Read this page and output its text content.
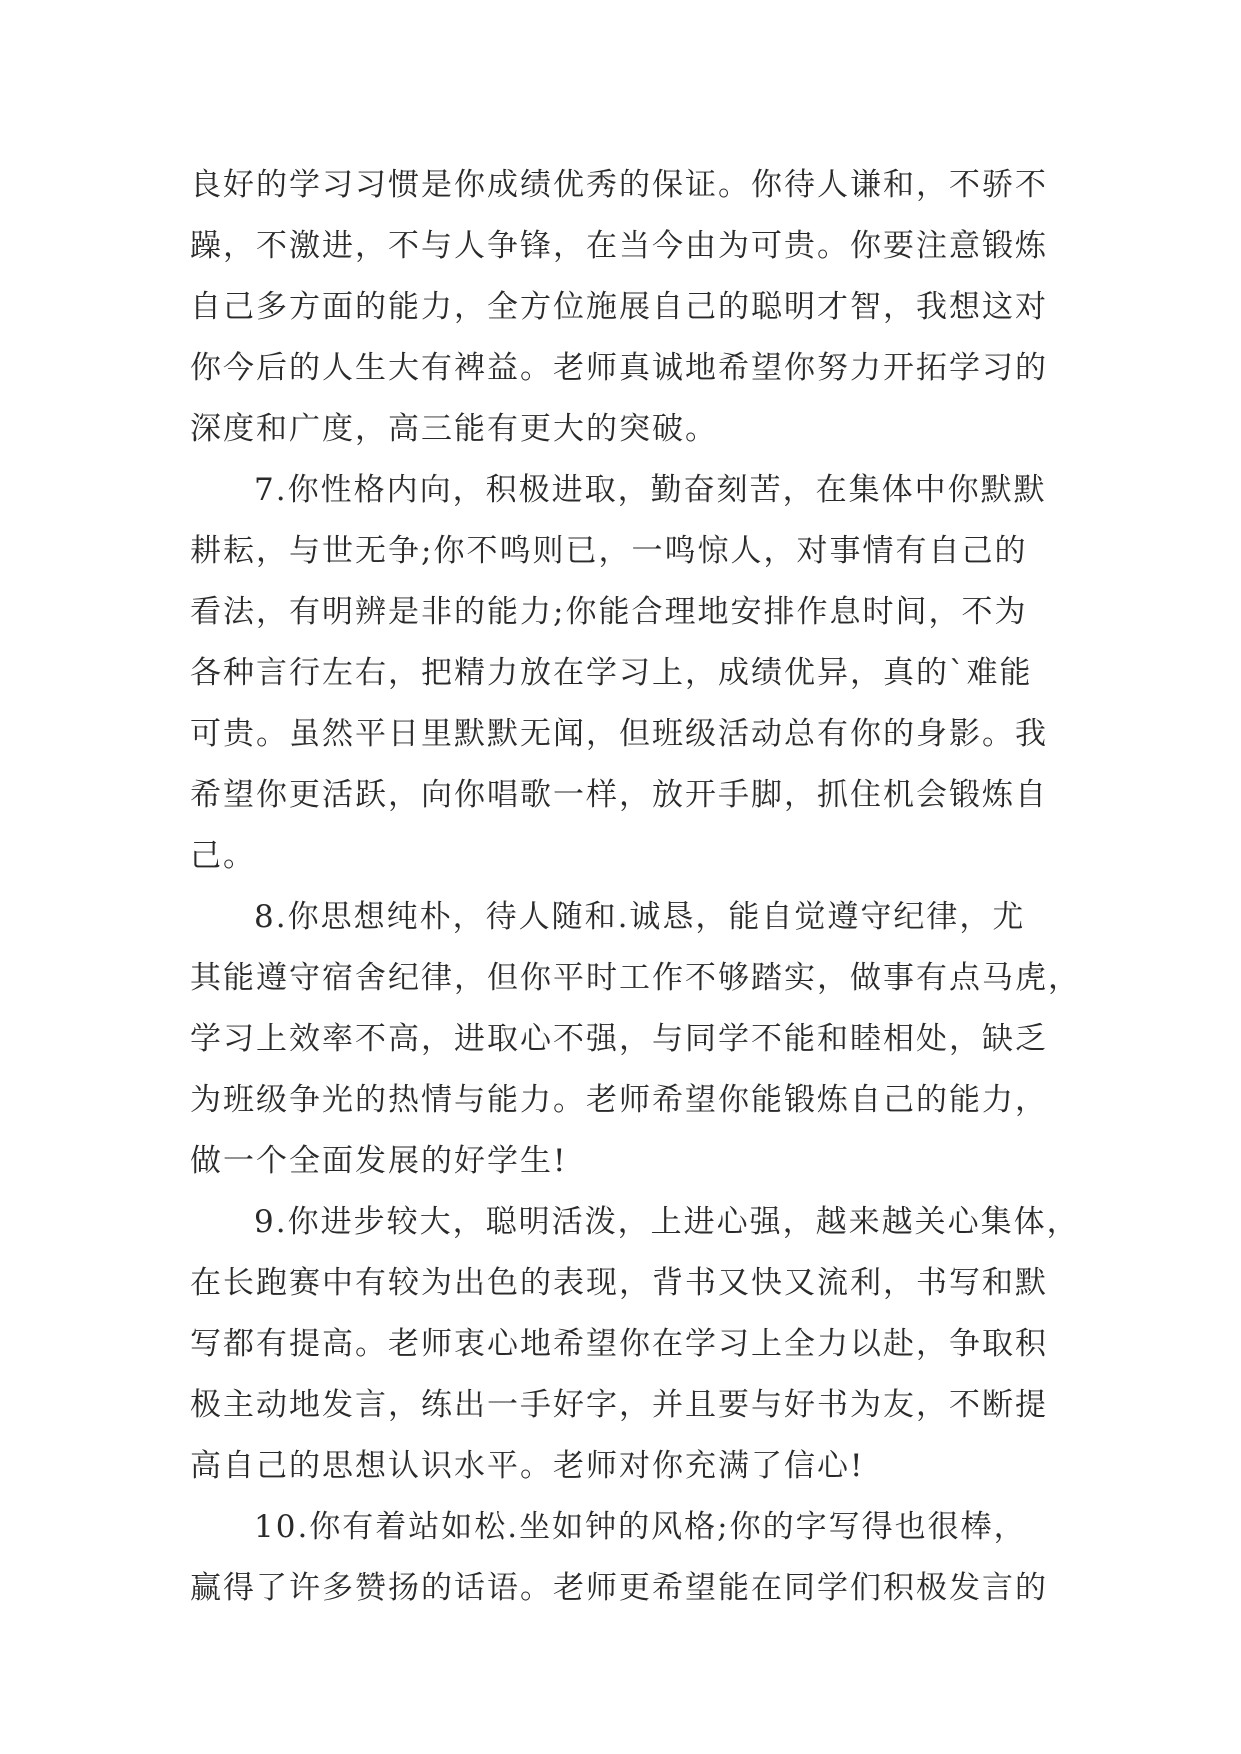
良好的学习习惯是你成绩优秀的保证。你待人谦和，不骄不
躁，不激进，不与人争锋，在当今由为可贵。你要注意锻炼
自己多方面的能力，全方位施展自己的聪明才智，我想这对
你今后的人生大有裨益。老师真诚地希望你努力开拓学习的
深度和广度，高三能有更大的突破。
7.你性格内向，积极进取，勤奋刻苦，在集体中你默默
耕耘，与世无争;你不鸣则已，一鸣惊人，对事情有自己的
看法，有明辨是非的能力;你能合理地安排作息时间，不为
各种言行左右，把精力放在学习上，成绩优异，真的`难能
可贵。虽然平日里默默无闻，但班级活动总有你的身影。我
希望你更活跃，向你唱歌一样，放开手脚，抓住机会锻炼自
己。
8.你思想纯朴，待人随和.诚恳，能自觉遵守纪律，尤
其能遵守宿舍纪律，但你平时工作不够踏实，做事有点马虎，
学习上效率不高，进取心不强，与同学不能和睦相处，缺乏
为班级争光的热情与能力。老师希望你能锻炼自己的能力，
做一个全面发展的好学生!
9.你进步较大，聪明活泼，上进心强，越来越关心集体，
在长跑赛中有较为出色的表现，背书又快又流利，书写和默
写都有提高。老师衷心地希望你在学习上全力以赴，争取积
极主动地发言，练出一手好字，并且要与好书为友，不断提
高自己的思想认识水平。老师对你充满了信心!
10.你有着站如松.坐如钟的风格;你的字写得也很棒，
赢得了许多赞扬的话语。老师更希望能在同学们积极发言的
